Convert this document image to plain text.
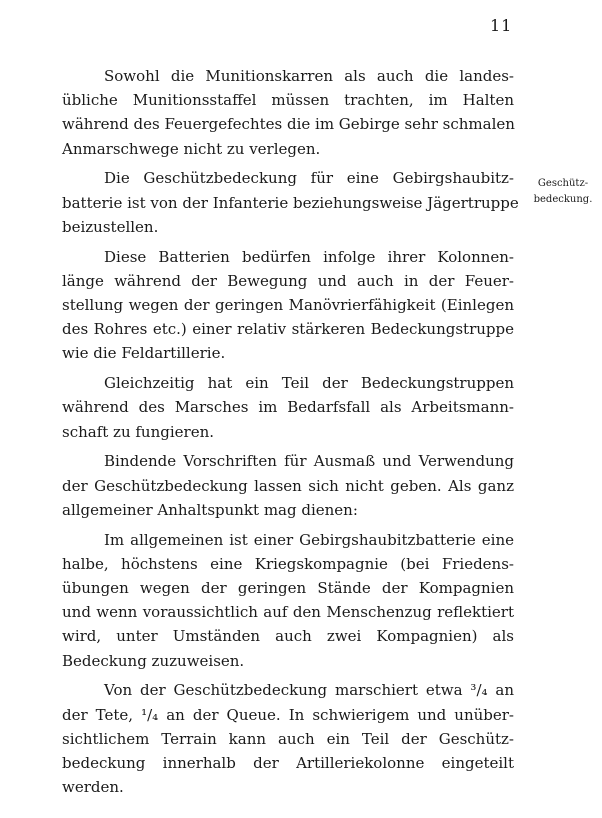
11
Geschütz-
bedeckung.

Sowohl die Munitionskarren als auch die landes-
übliche Munitionsstaffel müssen trachten, im Halten
während des Feuergefechtes die im Gebirge sehr schmalen
Anmarschwege nicht zu verlegen.

Die Geschützbedeckung für eine Gebirgshaubitz-
batterie ist von der Infanterie beziehungsweise Jägertruppe
beizustellen.

Diese Batterien bedürfen infolge ihrer Kolonnen-
länge während der Bewegung und auch in der Feuer-
stellung wegen der geringen Manövrierfähigkeit (Einlegen
des Rohres etc.) einer relativ stärkeren Bedeckungstruppe
wie die Feldartillerie.

Gleichzeitig hat ein Teil der Bedeckungstruppen
während des Marsches im Bedarfsfall als Arbeitsmann-
schaft zu fungieren.

Bindende Vorschriften für Ausmaß und Verwendung
der Geschützbedeckung lassen sich nicht geben. Als ganz
allgemeiner Anhaltspunkt mag dienen:

Im allgemeinen ist einer Gebirgshaubitzbatterie eine
halbe, höchstens eine Kriegskompagnie (bei Friedens-
übungen wegen der geringen Stände der Kompagnien
und wenn voraussichtlich auf den Menschenzug reflektiert
wird, unter Umständen auch zwei Kompagnien) als
Bedeckung zuzuweisen.

Von der Geschützbedeckung marschiert etwa ³/₄ an
der Tete, ¹/₄ an der Queue. In schwierigem und unüber-
sichtlichem Terrain kann auch ein Teil der Geschütz-
bedeckung innerhalb der Artilleriekolonne eingeteilt
werden.
